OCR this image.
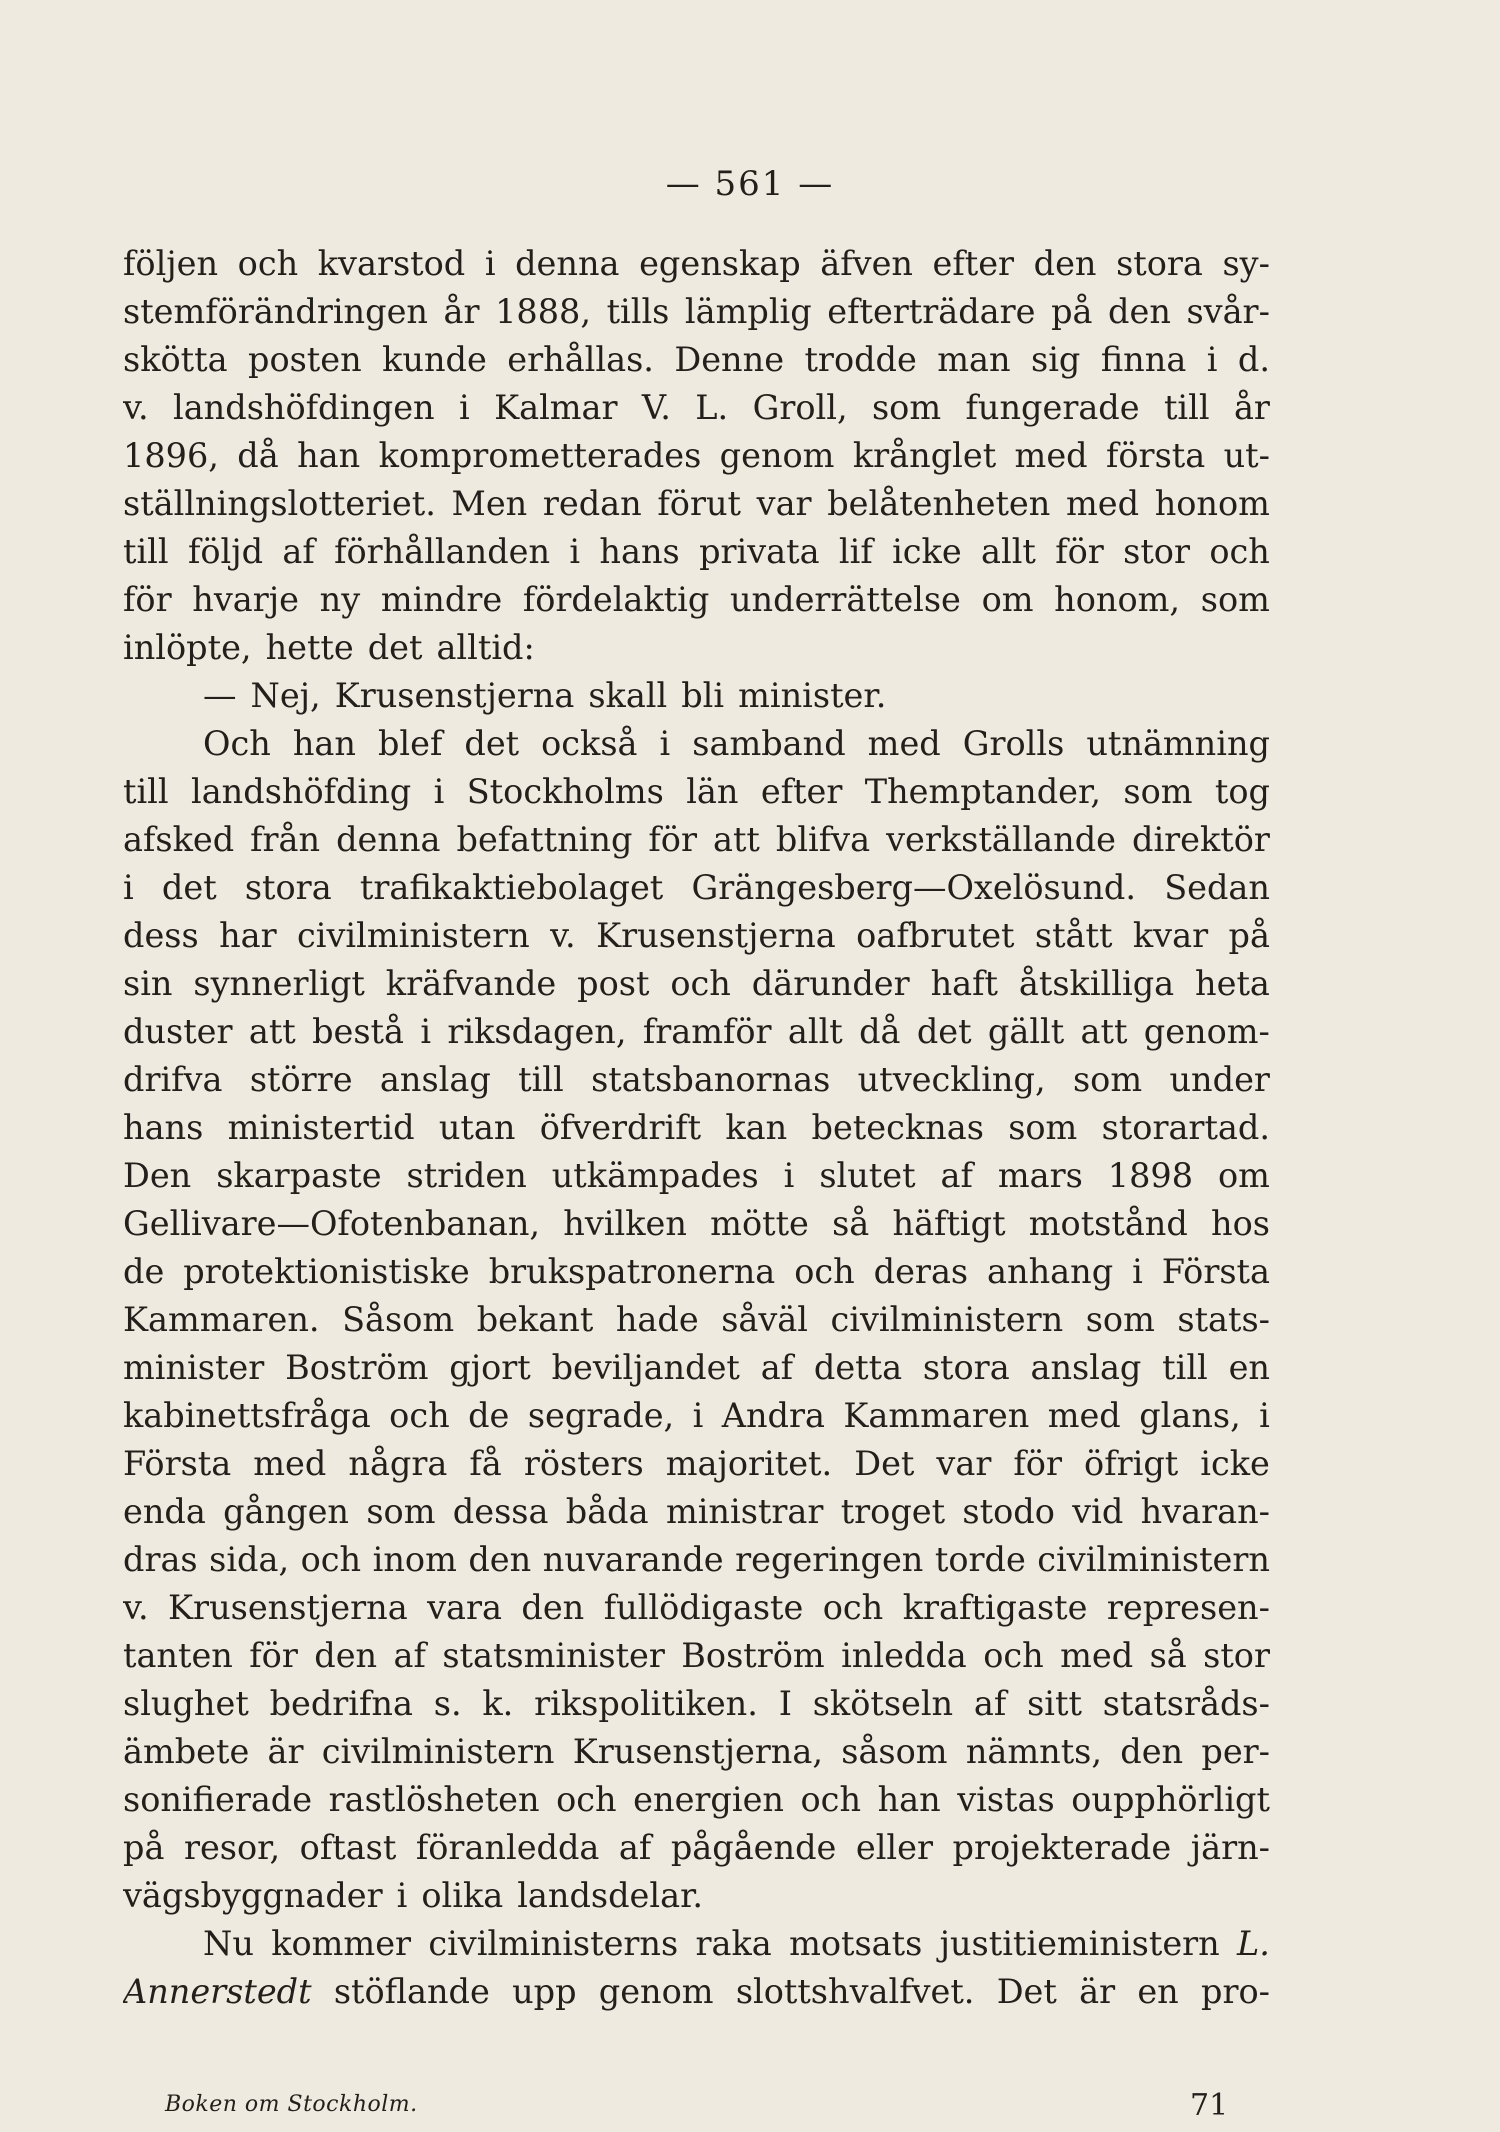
— 561 —
följen och kvarstod i denna egenskap äfven efter den stora sy-
stemförändringen år 1888, tills lämplig efterträdare på den svår-
skötta posten kunde erhållas. Denne trodde man sig finna i d.
v. landshöfdingen i Kalmar V. L. Groll, som fungerade till år
1896, då han komprometterades genom krånglet med första ut-
ställningslotteriet. Men redan förut var belåtenheten med honom
till följd af förhållanden i hans privata lif icke allt för stor och
för hvarje ny mindre fördelaktig underrättelse om honom, som
inlöpte, hette det alltid:
— Nej, Krusenstjerna skall bli minister.
Och han blef det också i samband med Grolls utnämning
till landshöfding i Stockholms län efter Themptander, som tog
afsked från denna befattning för att blifva verkställande direktör
i det stora trafikaktiebolaget Grängesberg—Oxelösund. Sedan
dess har civilministern v. Krusenstjerna oafbrutet stått kvar på
sin synnerligt kräfvande post och därunder haft åtskilliga heta
duster att bestå i riksdagen, framför allt då det gällt att genom-
drifva större anslag till statsbanornas utveckling, som under
hans ministertid utan öfverdrift kan betecknas som storartad.
Den skarpaste striden utkämpades i slutet af mars 1898 om
Gellivare—Ofotenbanan, hvilken mötte så häftigt motstånd hos
de protektionistiske brukspatronerna och deras anhang i Första
Kammaren. Såsom bekant hade såväl civilministern som stats-
minister Boström gjort beviljandet af detta stora anslag till en
kabinettsfråga och de segrade, i Andra Kammaren med glans, i
Första med några få rösters majoritet. Det var för öfrigt icke
enda gången som dessa båda ministrar troget stodo vid hvaran-
dras sida, och inom den nuvarande regeringen torde civilministern
v. Krusenstjerna vara den fullödigaste och kraftigaste represen-
tanten för den af statsminister Boström inledda och med så stor
slughet bedrifna s. k. rikspolitiken. I skötseln af sitt statsråds-
ämbete är civilministern Krusenstjerna, såsom nämnts, den per-
sonifierade rastlösheten och energien och han vistas oupphörligt
på resor, oftast föranledda af pågående eller projekterade järn-
vägsbyggnader i olika landsdelar.
Nu kommer civilministerns raka motsats justitieministern L.
Annerstedt stöflande upp genom slottshvalfvet. Det är en pro-
Boken om Stockholm.	71
